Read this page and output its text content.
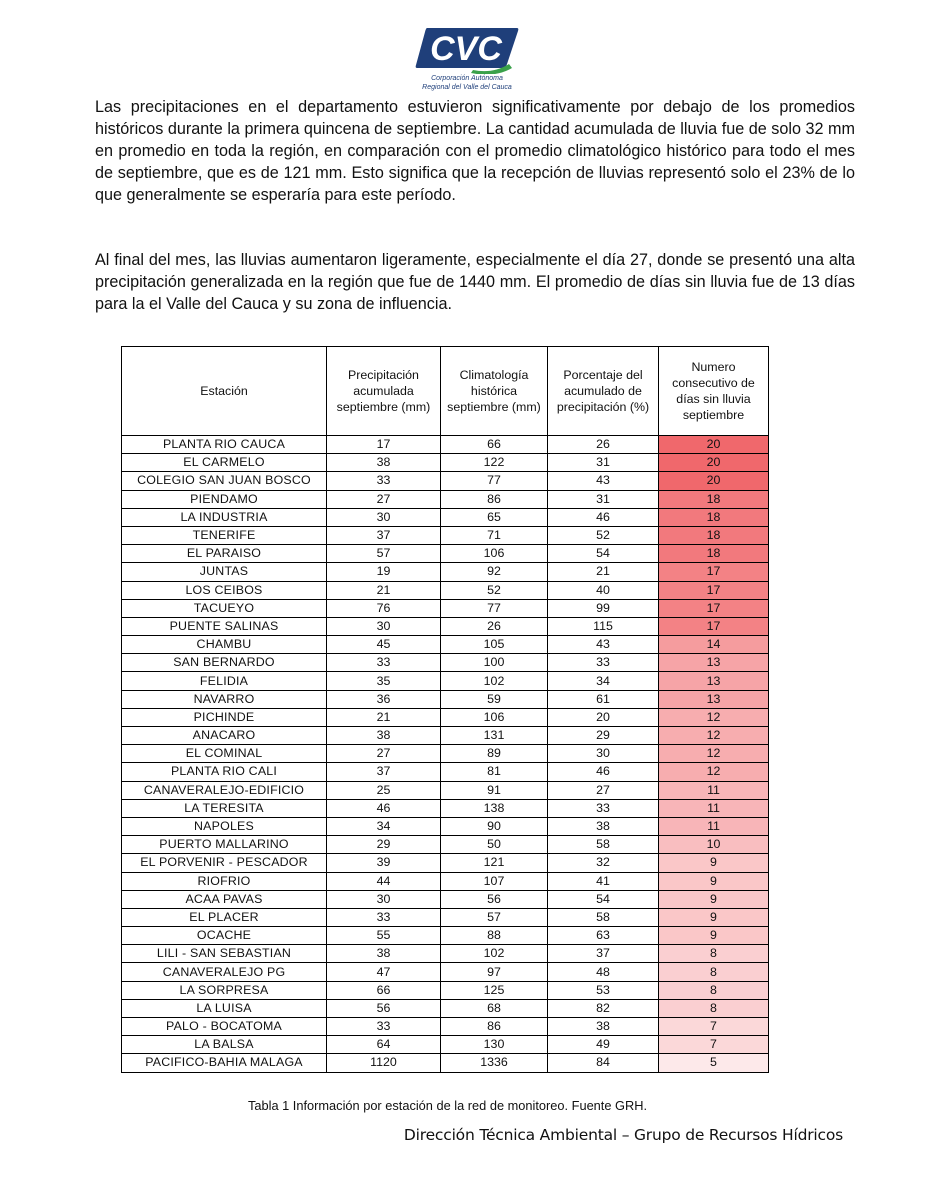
CVC
Corporación Autónoma
Regional del Valle del Cauca

Las precipitaciones en el departamento estuvieron significativamente por debajo de los promedios históricos durante la primera quincena de septiembre. La cantidad acumulada de lluvia fue de solo 32 mm en promedio en toda la región, en comparación con el promedio climatológico histórico para todo el mes de septiembre, que es de 121 mm. Esto significa que la recepción de lluvias representó solo el 23% de lo que generalmente se esperaría para este período.

Al final del mes, las lluvias aumentaron ligeramente, especialmente el día 27, donde se presentó una alta precipitación generalizada en la región que fue de 1440 mm. El promedio de días sin lluvia fue de 13 días para la el Valle del Cauca y su zona de influencia.

Estación	Precipitación acumulada septiembre (mm)	Climatología histórica septiembre (mm)	Porcentaje del acumulado de precipitación (%)	Numero consecutivo de días sin lluvia septiembre
PLANTA RIO CAUCA	17	66	26	20
EL CARMELO	38	122	31	20
COLEGIO SAN JUAN BOSCO	33	77	43	20
PIENDAMO	27	86	31	18
LA INDUSTRIA	30	65	46	18
TENERIFE	37	71	52	18
EL PARAISO	57	106	54	18
JUNTAS	19	92	21	17
LOS CEIBOS	21	52	40	17
TACUEYO	76	77	99	17
PUENTE SALINAS	30	26	115	17
CHAMBU	45	105	43	14
SAN BERNARDO	33	100	33	13
FELIDIA	35	102	34	13
NAVARRO	36	59	61	13
PICHINDE	21	106	20	12
ANACARO	38	131	29	12
EL COMINAL	27	89	30	12
PLANTA RIO CALI	37	81	46	12
CANAVERALEJO-EDIFICIO	25	91	27	11
LA TERESITA	46	138	33	11
NAPOLES	34	90	38	11
PUERTO MALLARINO	29	50	58	10
EL PORVENIR - PESCADOR	39	121	32	9
RIOFRIO	44	107	41	9
ACAA PAVAS	30	56	54	9
EL PLACER	33	57	58	9
OCACHE	55	88	63	9
LILI - SAN SEBASTIAN	38	102	37	8
CANAVERALEJO PG	47	97	48	8
LA SORPRESA	66	125	53	8
LA LUISA	56	68	82	8
PALO - BOCATOMA	33	86	38	7
LA BALSA	64	130	49	7
PACIFICO-BAHIA MALAGA	1120	1336	84	5
Tabla 1 Información por estación de la red de monitoreo. Fuente GRH.
Dirección Técnica Ambiental – Grupo de Recursos Hídricos
